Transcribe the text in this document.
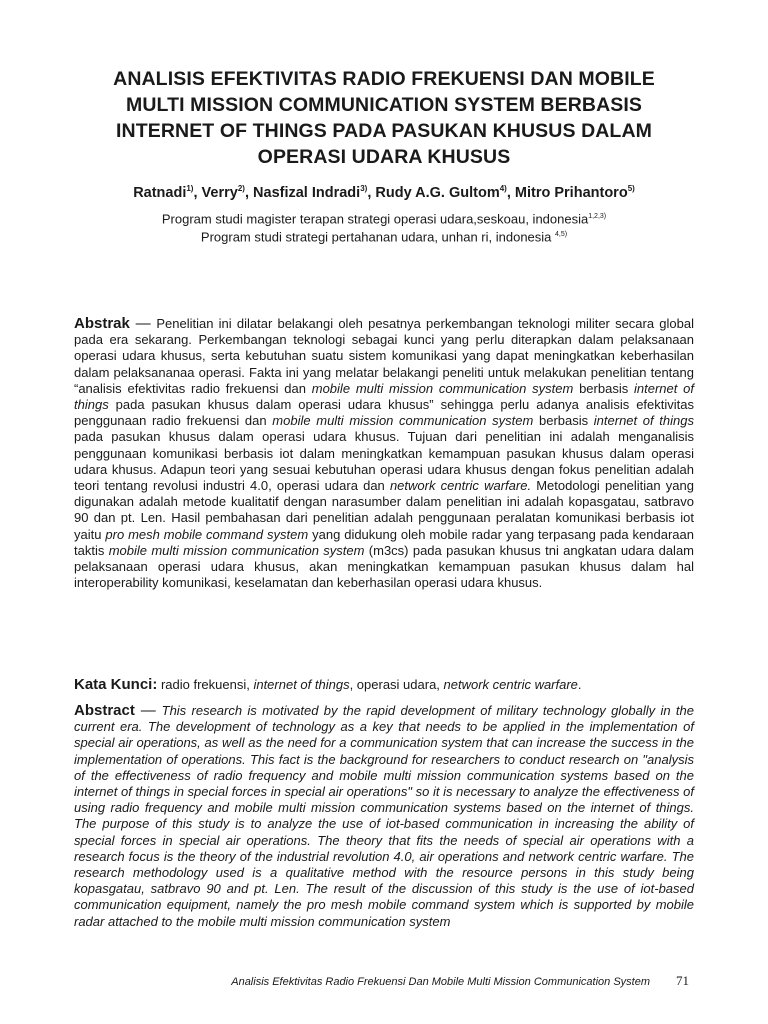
ANALISIS EFEKTIVITAS RADIO FREKUENSI DAN MOBILE
MULTI MISSION COMMUNICATION SYSTEM BERBASIS
INTERNET OF THINGS PADA PASUKAN KHUSUS DALAM
OPERASI UDARA KHUSUS
Ratnadi$^{1)}$, Verry$^{2)}$, Nasfizal Indradi$^{3)}$, Rudy A.G. Gultom$^{4)}$, Mitro Prihantoro$^{5)}$
Program studi magister terapan strategi operasi udara,seskoau, indonesia$^{1,2,3)}$
Program studi strategi pertahanan udara, unhan ri, indonesia $^{4,5)}$

Abstrak — Penelitian ini dilatar belakangi oleh pesatnya perkembangan teknologi militer secara global pada era sekarang. Perkembangan teknologi sebagai kunci yang perlu diterapkan dalam pelaksanaan operasi udara khusus, serta kebutuhan suatu sistem komunikasi yang dapat meningkatkan keberhasilan dalam pelaksananaa operasi. Fakta ini yang melatar belakangi peneliti untuk melakukan penelitian tentang “analisis efektivitas radio frekuensi dan mobile multi mission communication system berbasis internet of things pada pasukan khusus dalam operasi udara khusus” sehingga perlu adanya analisis efektivitas penggunaan radio frekuensi dan mobile multi mission communication system berbasis internet of things pada pasukan khusus dalam operasi udara khusus. Tujuan dari penelitian ini adalah menganalisis penggunaan komunikasi berbasis iot dalam meningkatkan kemampuan pasukan khusus dalam operasi udara khusus. Adapun teori yang sesuai kebutuhan operasi udara khusus dengan fokus penelitian adalah teori tentang revolusi industri 4.0, operasi udara dan network centric warfare. Metodologi penelitian yang digunakan adalah metode kualitatif dengan narasumber dalam penelitian ini adalah kopasgatau, satbravo 90 dan pt. Len. Hasil pembahasan dari penelitian adalah penggunaan peralatan komunikasi berbasis iot yaitu pro mesh mobile command system yang didukung oleh mobile radar yang terpasang pada kendaraan taktis mobile multi mission communication system (m3cs) pada pasukan khusus tni angkatan udara dalam pelaksanaan operasi udara khusus, akan meningkatkan kemampuan pasukan khusus dalam hal interoperability komunikasi, keselamatan dan keberhasilan operasi udara khusus.

Kata Kunci: radio frekuensi, internet of things, operasi udara, network centric warfare.

Abstract — This research is motivated by the rapid development of military technology globally in the current era. The development of technology as a key that needs to be applied in the implementation of special air operations, as well as the need for a communication system that can increase the success in the implementation of operations. This fact is the background for researchers to conduct research on "analysis of the effectiveness of radio frequency and mobile multi mission communication systems based on the internet of things in special forces in special air operations" so it is necessary to analyze the effectiveness of using radio frequency and mobile multi mission communication systems based on the internet of things. The purpose of this study is to analyze the use of iot-based communication in increasing the ability of special forces in special air operations. The theory that fits the needs of special air operations with a research focus is the theory of the industrial revolution 4.0, air operations and network centric warfare. The research methodology used is a qualitative method with the resource persons in this study being kopasgatau, satbravo 90 and pt. Len. The result of the discussion of this study is the use of iot-based communication equipment, namely the pro mesh mobile command system which is supported by mobile radar attached to the mobile multi mission communication system

Analisis Efektivitas Radio Frekuensi Dan Mobile Multi Mission Communication System 71
